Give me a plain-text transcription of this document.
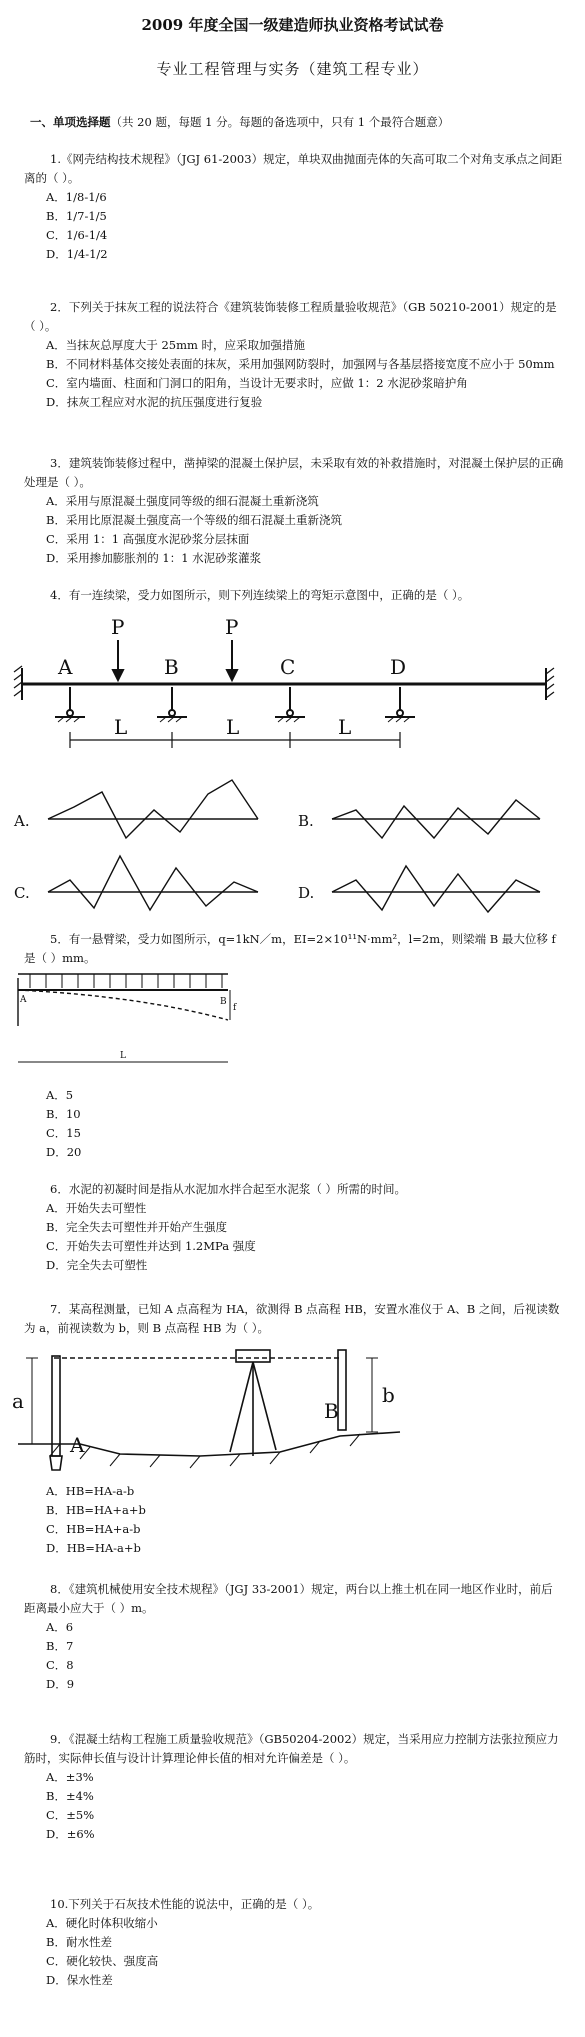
2009 年度全国一级建造师执业资格考试试卷
专业工程管理与实务（建筑工程专业）
一、单项选择题（共 20 题，每题 1 分。每题的备选项中，只有 1 个最符合题意）
1.《网壳结构技术规程》（JGJ 61-2003）规定，单块双曲抛面壳体的矢高可取二个对角支承点之间距离的（ ）。
A．1/8-1/6
B．1/7-1/5
C．1/6-1/4
D．1/4-1/2
2．下列关于抹灰工程的说法符合《建筑装饰装修工程质量验收规范》（GB 50210-2001）规定的是（ ）。
A．当抹灰总厚度大于 25mm 时，应采取加强措施
B．不同材料基体交接处表面的抹灰，采用加强网防裂时，加强网与各基层搭接宽度不应小于 50mm
C．室内墙面、柱面和门洞口的阳角，当设计无要求时，应做 1：2 水泥砂浆暗护角
D．抹灰工程应对水泥的抗压强度进行复验
3．建筑装饰装修过程中，凿掉梁的混凝土保护层，未采取有效的补救措施时，对混凝土保护层的正确处理是（ ）。
A．采用与原混凝土强度同等级的细石混凝土重新浇筑
B．采用比原混凝土强度高一个等级的细石混凝土重新浇筑
C．采用 1：1 高强度水泥砂浆分层抹面
D．采用掺加膨胀剂的 1：1 水泥砂浆灌浆
4．有一连续梁，受力如图所示，则下列连续梁上的弯矩示意图中，正确的是（ ）。
A	B	C	D
P	P
L	L	L
A.	B.
C.	D.
5．有一悬臂梁，受力如图所示，q=1kN／m，EI=2×10¹¹N·mm²，l=2m，则梁端 B 最大位移 f 是（ ）mm。
A	B
f
L
A．5
B．10
C．15
D．20
6．水泥的初凝时间是指从水泥加水拌合起至水泥浆（ ）所需的时间。
A．开始失去可塑性
B．完全失去可塑性并开始产生强度
C．开始失去可塑性并达到 1.2MPa 强度
D．完全失去可塑性
7．某高程测量，已知 A 点高程为 HA，欲测得 B 点高程 HB，安置水准仪于 A、B 之间，后视读数为 a，前视读数为 b，则 B 点高程 HB 为（ ）。
a
A
B
b
A．HB=HA-a-b
B．HB=HA+a+b
C．HB=HA+a-b
D．HB=HA-a+b
8．《建筑机械使用安全技术规程》（JGJ 33-2001）规定，两台以上推土机在同一地区作业时，前后距离最小应大于（ ）m。
A．6
B．7
C．8
D．9
9．《混凝土结构工程施工质量验收规范》（GB50204-2002）规定，当采用应力控制方法张拉预应力筋时，实际伸长值与设计计算理论伸长值的相对允许偏差是（ ）。
A．±3%
B．±4%
C．±5%
D．±6%
10.下列关于石灰技术性能的说法中，正确的是（ ）。
A．硬化时体积收缩小
B．耐水性差
C．硬化较快、强度高
D．保水性差
